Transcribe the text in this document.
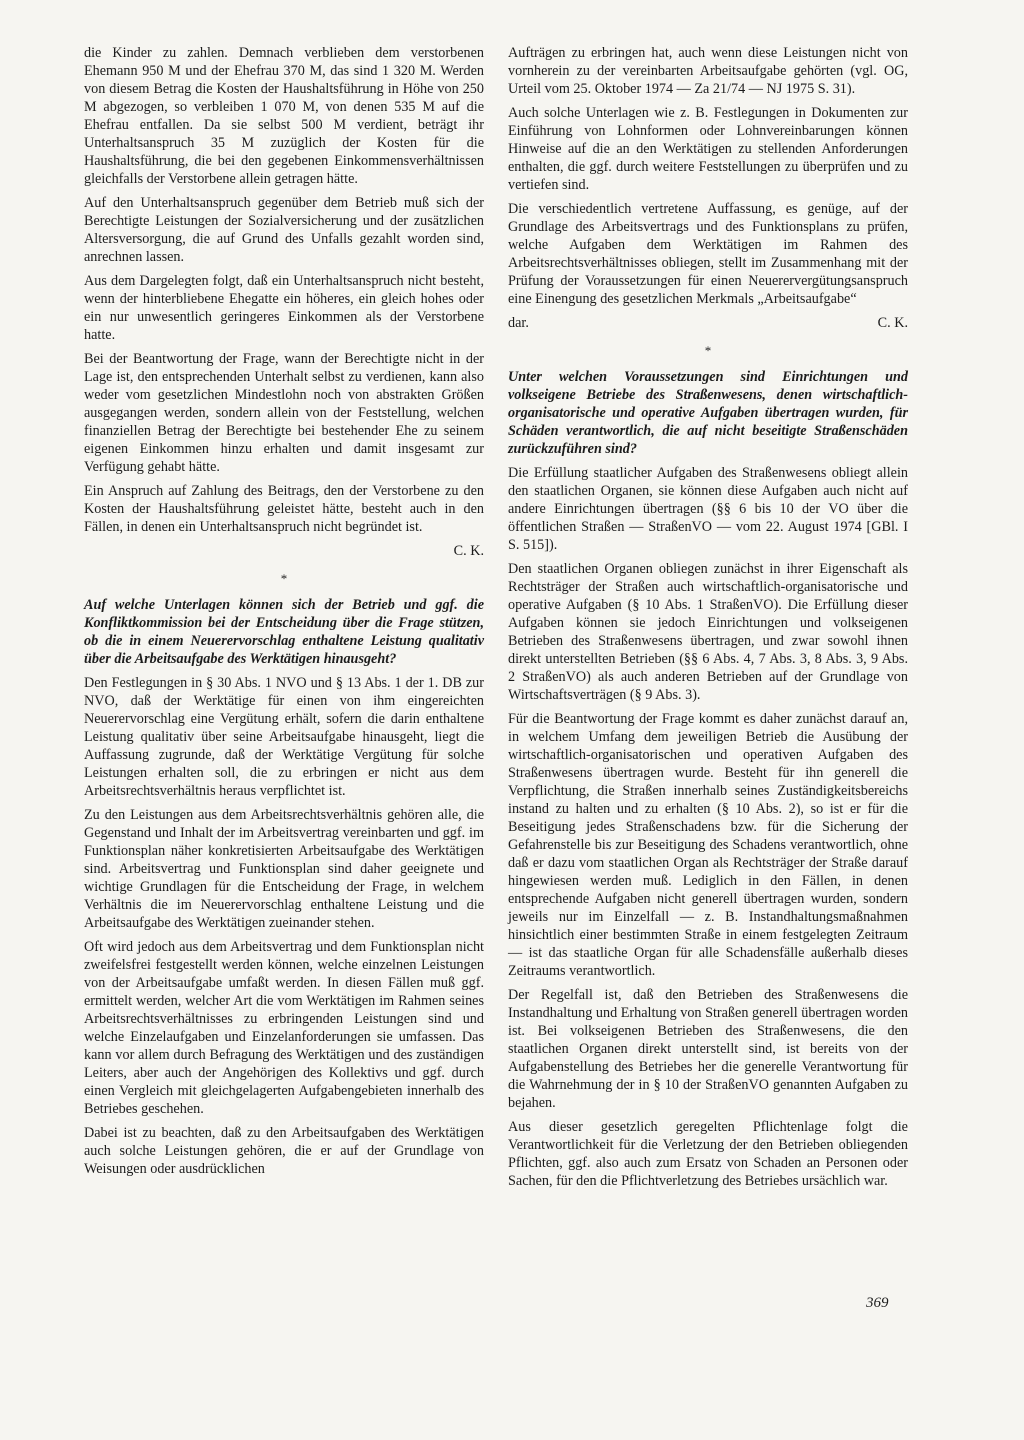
die Kinder zu zahlen. Demnach verblieben dem verstorbenen Ehemann 950 M und der Ehefrau 370 M, das sind 1 320 M. Werden von diesem Betrag die Kosten der Haushaltsführung in Höhe von 250 M abgezogen, so verbleiben 1 070 M, von denen 535 M auf die Ehefrau entfallen. Da sie selbst 500 M verdient, beträgt ihr Unterhaltsanspruch 35 M zuzüglich der Kosten für die Haushaltsführung, die bei den gegebenen Einkommensverhältnissen gleichfalls der Verstorbene allein getragen hätte.

Auf den Unterhaltsanspruch gegenüber dem Betrieb muß sich der Berechtigte Leistungen der Sozialversicherung und der zusätzlichen Altersversorgung, die auf Grund des Unfalls gezahlt worden sind, anrechnen lassen.

Aus dem Dargelegten folgt, daß ein Unterhaltsanspruch nicht besteht, wenn der hinterbliebene Ehegatte ein höheres, ein gleich hohes oder ein nur unwesentlich geringeres Einkommen als der Verstorbene hatte.

Bei der Beantwortung der Frage, wann der Berechtigte nicht in der Lage ist, den entsprechenden Unterhalt selbst zu verdienen, kann also weder vom gesetzlichen Mindestlohn noch von abstrakten Größen ausgegangen werden, sondern allein von der Feststellung, welchen finanziellen Betrag der Berechtigte bei bestehender Ehe zu seinem eigenen Einkommen hinzu erhalten und damit insgesamt zur Verfügung gehabt hätte.

Ein Anspruch auf Zahlung des Beitrags, den der Verstorbene zu den Kosten der Haushaltsführung geleistet hätte, besteht auch in den Fällen, in denen ein Unterhaltsanspruch nicht begründet ist.

C. K.
*

Auf welche Unterlagen können sich der Betrieb und ggf. die Konfliktkommission bei der Entscheidung über die Frage stützen, ob die in einem Neuerervorschlag enthaltene Leistung qualitativ über die Arbeitsaufgabe des Werktätigen hinausgeht?

Den Festlegungen in § 30 Abs. 1 NVO und § 13 Abs. 1 der 1. DB zur NVO, daß der Werktätige für einen von ihm eingereichten Neuerervorschlag eine Vergütung erhält, sofern die darin enthaltene Leistung qualitativ über seine Arbeitsaufgabe hinausgeht, liegt die Auffassung zugrunde, daß der Werktätige Vergütung für solche Leistungen erhalten soll, die zu erbringen er nicht aus dem Arbeitsrechtsverhältnis heraus verpflichtet ist.

Zu den Leistungen aus dem Arbeitsrechtsverhältnis gehören alle, die Gegenstand und Inhalt der im Arbeitsvertrag vereinbarten und ggf. im Funktionsplan näher konkretisierten Arbeitsaufgabe des Werktätigen sind. Arbeitsvertrag und Funktionsplan sind daher geeignete und wichtige Grundlagen für die Entscheidung der Frage, in welchem Verhältnis die im Neuerervorschlag enthaltene Leistung und die Arbeitsaufgabe des Werktätigen zueinander stehen.

Oft wird jedoch aus dem Arbeitsvertrag und dem Funktionsplan nicht zweifelsfrei festgestellt werden können, welche einzelnen Leistungen von der Arbeitsaufgabe umfaßt werden. In diesen Fällen muß ggf. ermittelt werden, welcher Art die vom Werktätigen im Rahmen seines Arbeitsrechtsverhältnisses zu erbringenden Leistungen sind und welche Einzelaufgaben und Einzelanforderungen sie umfassen. Das kann vor allem durch Befragung des Werktätigen und des zuständigen Leiters, aber auch der Angehörigen des Kollektivs und ggf. durch einen Vergleich mit gleichgelagerten Aufgabengebieten innerhalb des Betriebes geschehen.

Dabei ist zu beachten, daß zu den Arbeitsaufgaben des Werktätigen auch solche Leistungen gehören, die er auf der Grundlage von Weisungen oder ausdrücklichen

Aufträgen zu erbringen hat, auch wenn diese Leistungen nicht von vornherein zu der vereinbarten Arbeitsaufgabe gehörten (vgl. OG, Urteil vom 25. Oktober 1974 — Za 21/74 — NJ 1975 S. 31).

Auch solche Unterlagen wie z. B. Festlegungen in Dokumenten zur Einführung von Lohnformen oder Lohnvereinbarungen können Hinweise auf die an den Werktätigen zu stellenden Anforderungen enthalten, die ggf. durch weitere Feststellungen zu überprüfen und zu vertiefen sind.

Die verschiedentlich vertretene Auffassung, es genüge, auf der Grundlage des Arbeitsvertrags und des Funktionsplans zu prüfen, welche Aufgaben dem Werktätigen im Rahmen des Arbeitsrechtsverhältnisses obliegen, stellt im Zusammenhang mit der Prüfung der Voraussetzungen für einen Neuerervergütungsanspruch eine Einengung des gesetzlichen Merkmals „Arbeitsaufgabe“

dar.	C. K.

*

Unter welchen Voraussetzungen sind Einrichtungen und volkseigene Betriebe des Straßenwesens, denen wirtschaftlich-organisatorische und operative Aufgaben übertragen wurden, für Schäden verantwortlich, die auf nicht beseitigte Straßenschäden zurückzuführen sind?

Die Erfüllung staatlicher Aufgaben des Straßenwesens obliegt allein den staatlichen Organen, sie können diese Aufgaben auch nicht auf andere Einrichtungen übertragen (§§ 6 bis 10 der VO über die öffentlichen Straßen — StraßenVO — vom 22. August 1974 [GBl. I S. 515]).

Den staatlichen Organen obliegen zunächst in ihrer Eigenschaft als Rechtsträger der Straßen auch wirtschaftlich-organisatorische und operative Aufgaben (§ 10 Abs. 1 StraßenVO). Die Erfüllung dieser Aufgaben können sie jedoch Einrichtungen und volkseigenen Betrieben des Straßenwesens übertragen, und zwar sowohl ihnen direkt unterstellten Betrieben (§§ 6 Abs. 4, 7 Abs. 3, 8 Abs. 3, 9 Abs. 2 StraßenVO) als auch anderen Betrieben auf der Grundlage von Wirtschaftsverträgen (§ 9 Abs. 3).

Für die Beantwortung der Frage kommt es daher zunächst darauf an, in welchem Umfang dem jeweiligen Betrieb die Ausübung der wirtschaftlich-organisatorischen und operativen Aufgaben des Straßenwesens übertragen wurde. Besteht für ihn generell die Verpflichtung, die Straßen innerhalb seines Zuständigkeitsbereichs instand zu halten und zu erhalten (§ 10 Abs. 2), so ist er für die Beseitigung jedes Straßenschadens bzw. für die Sicherung der Gefahrenstelle bis zur Beseitigung des Schadens verantwortlich, ohne daß er dazu vom staatlichen Organ als Rechtsträger der Straße darauf hingewiesen werden muß. Lediglich in den Fällen, in denen entsprechende Aufgaben nicht generell übertragen wurden, sondern jeweils nur im Einzelfall — z. B. Instandhaltungsmaßnahmen hinsichtlich einer bestimmten Straße in einem festgelegten Zeitraum — ist das staatliche Organ für alle Schadensfälle außerhalb dieses Zeitraums verantwortlich.

Der Regelfall ist, daß den Betrieben des Straßenwesens die Instandhaltung und Erhaltung von Straßen generell übertragen worden ist. Bei volkseigenen Betrieben des Straßenwesens, die den staatlichen Organen direkt unterstellt sind, ist bereits von der Aufgabenstellung des Betriebes her die generelle Verantwortung für die Wahrnehmung der in § 10 der StraßenVO genannten Aufgaben zu bejahen.

Aus dieser gesetzlich geregelten Pflichtenlage folgt die Verantwortlichkeit für die Verletzung der den Betrieben obliegenden Pflichten, ggf. also auch zum Ersatz von Schaden an Personen oder Sachen, für den die Pflichtverletzung des Betriebes ursächlich war.

369
